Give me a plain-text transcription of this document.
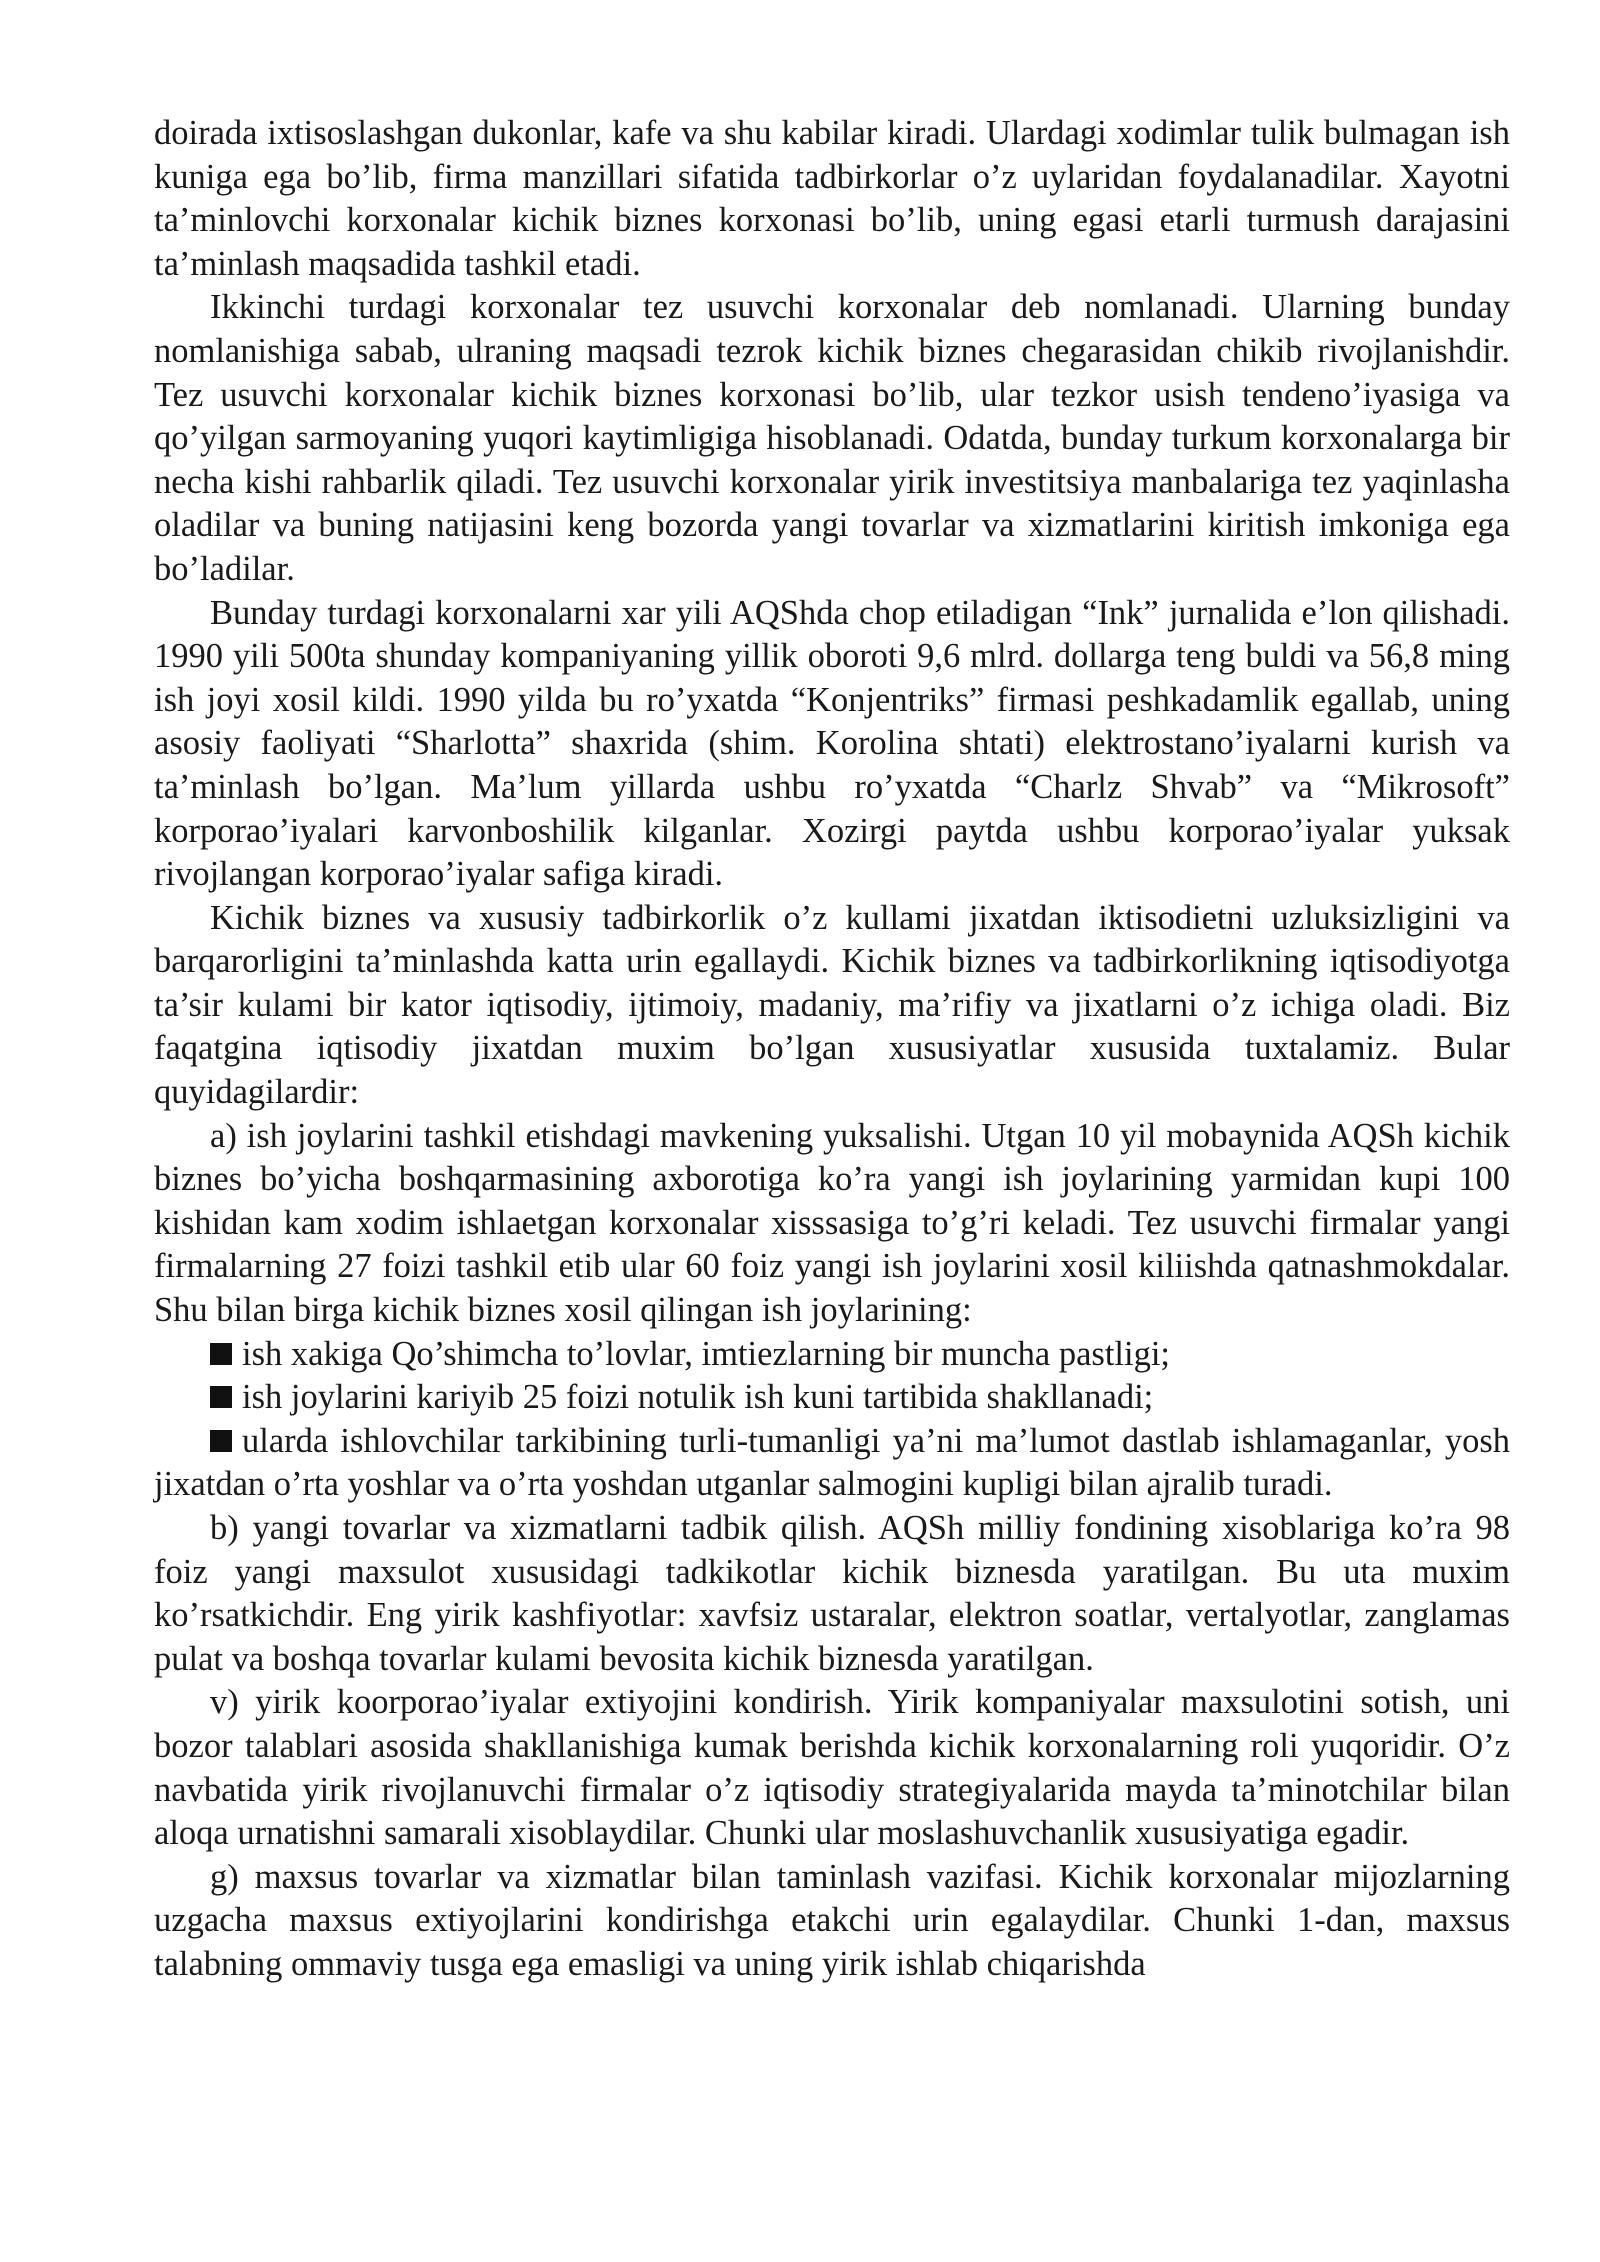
doirada ixtisoslashgan dukonlar, kafe va shu kabilar kiradi. Ulardagi xodimlar tulik bulmagan ish kuniga ega bo’lib, firma manzillari sifatida tadbirkorlar o’z uylaridan foydalanadilar. Xayotni ta’minlovchi korxonalar kichik biznes korxonasi bo’lib, uning egasi etarli turmush darajasini ta’minlash maqsadida tashkil etadi.

Ikkinchi turdagi korxonalar tez usuvchi korxonalar deb nomlanadi. Ularning bunday nomlanishiga sabab, ulraning maqsadi tezrok kichik biznes chegarasidan chikib rivojlanishdir. Tez usuvchi korxonalar kichik biznes korxonasi bo’lib, ular tezkor usish tendeno’iyasiga va qo’yilgan sarmoyaning yuqori kaytimligiga hisoblanadi. Odatda, bunday turkum korxonalarga bir necha kishi rahbarlik qiladi. Tez usuvchi korxonalar yirik investitsiya manbalariga tez yaqinlasha oladilar va buning natijasini keng bozorda yangi tovarlar va xizmatlarini kiritish imkoniga ega bo’ladilar.

Bunday turdagi korxonalarni xar yili AQShda chop etiladigan “Ink” jurnalida e’lon qilishadi. 1990 yili 500ta shunday kompaniyaning yillik oboroti 9,6 mlrd. dollarga teng buldi va 56,8 ming ish joyi xosil kildi. 1990 yilda bu ro’yxatda “Konjentriks” firmasi peshkadamlik egallab, uning asosiy faoliyati “Sharlotta” shaxrida (shim. Korolina shtati) elektrostano’iyalarni kurish va ta’minlash bo’lgan. Ma’lum yillarda ushbu ro’yxatda “Charlz Shvab” va “Mikrosoft” korporao’iyalari karvonboshilik kilganlar. Xozirgi paytda ushbu korporao’iyalar yuksak rivojlangan korporao’iyalar safiga kiradi.

Kichik biznes va xususiy tadbirkorlik o’z kullami jixatdan iktisodietni uzluksizligini va barqarorligini ta’minlashda katta urin egallaydi. Kichik biznes va tadbirkorlikning iqtisodiyotga ta’sir kulami bir kator iqtisodiy, ijtimoiy, madaniy, ma’rifiy va jixatlarni o’z ichiga oladi. Biz faqatgina iqtisodiy jixatdan muxim bo’lgan xususiyatlar xususida tuxtalamiz. Bular quyidagilardir:

a) ish joylarini tashkil etishdagi mavkening yuksalishi. Utgan 10 yil mobaynida AQSh kichik biznes bo’yicha boshqarmasining axborotiga ko’ra yangi ish joylarining yarmidan kupi 100 kishidan kam xodim ishlaetgan korxonalar xisssasiga to’g’ri keladi. Tez usuvchi firmalar yangi firmalarning 27 foizi tashkil etib ular 60 foiz yangi ish joylarini xosil kiliishda qatnashmokdalar. Shu bilan birga kichik biznes xosil qilingan ish joylarining:

ish xakiga Qo’shimcha to’lovlar, imtiezlarning bir muncha pastligi;

ish joylarini kariyib 25 foizi notulik ish kuni tartibida shakllanadi;

ularda ishlovchilar tarkibining turli-tumanligi ya’ni ma’lumot dastlab ishlamaganlar, yosh jixatdan o’rta yoshlar va o’rta yoshdan utganlar salmogini kupligi bilan ajralib turadi.

b) yangi tovarlar va xizmatlarni tadbik qilish. AQSh milliy fondining xisoblariga ko’ra 98 foiz yangi maxsulot xususidagi tadkikotlar kichik biznesda yaratilgan. Bu uta muxim ko’rsatkichdir. Eng yirik kashfiyotlar: xavfsiz ustaralar, elektron soatlar, vertalyotlar, zanglamas pulat va boshqa tovarlar kulami bevosita kichik biznesda yaratilgan.

v) yirik koorporao’iyalar extiyojini kondirish. Yirik kompaniyalar maxsulotini sotish, uni bozor talablari asosida shakllanishiga kumak berishda kichik korxonalarning roli yuqoridir. O’z navbatida yirik rivojlanuvchi firmalar o’z iqtisodiy strategiyalarida mayda ta’minotchilar bilan aloqa urnatishni samarali xisoblaydilar. Chunki ular moslashuvchanlik xususiyatiga egadir.

g) maxsus tovarlar va xizmatlar bilan taminlash vazifasi. Kichik korxonalar mijozlarning uzgacha maxsus extiyojlarini kondirishga etakchi urin egalaydilar. Chunki 1-dan, maxsus talabning ommaviy tusga ega emasligi va uning yirik ishlab chiqarishda
